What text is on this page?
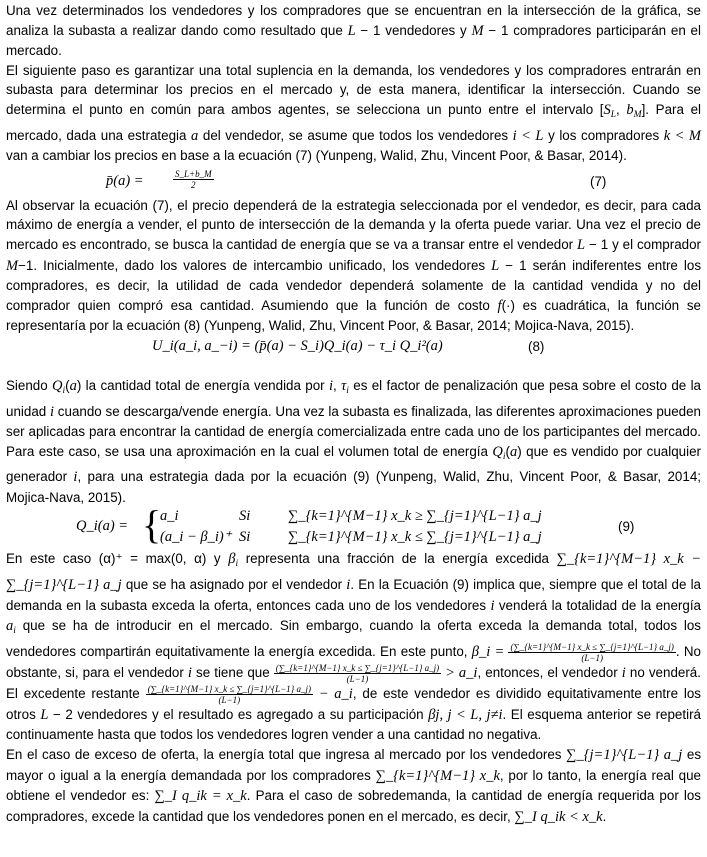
Una vez determinados los vendedores y los compradores que se encuentran en la intersección de la gráfica, se analiza la subasta a realizar dando como resultado que L − 1 vendedores y M − 1 compradores participarán en el mercado.

El siguiente paso es garantizar una total suplencia en la demanda, los vendedores y los compradores entrarán en subasta para determinar los precios en el mercado y, de esta manera, identificar la intersección. Cuando se determina el punto en común para ambos agentes, se selecciona un punto entre el intervalo [$S_L$, $b_M$]. Para el mercado, dada una estrategia a del vendedor, se asume que todos los vendedores i < L y los compradores k < M van a cambiar los precios en base a la ecuación (7) (Yunpeng, Walid, Zhu, Vincent Poor, & Basar, 2014).

p̄(a) =	$\frac{S\_L+b\_M}{2}$	(7)

Al observar la ecuación (7), el precio dependerá de la estrategia seleccionada por el vendedor, es decir, para cada máximo de energía a vender, el punto de intersección de la demanda y la oferta puede variar. Una vez el precio de mercado es encontrado, se busca la cantidad de energía que se va a transar entre el vendedor L − 1 y el comprador M−1. Inicialmente, dado los valores de intercambio unificado, los vendedores L − 1 serán indiferentes entre los compradores, es decir, la utilidad de cada vendedor dependerá solamente de la cantidad vendida y no del comprador quien compró esa cantidad. Asumiendo que la función de costo f(·) es cuadrática, la función se representaría por la ecuación (8) (Yunpeng, Walid, Zhu, Vincent Poor, & Basar, 2014; Mojica-Nava, 2015).

U_i(a_i, a_−i) = (p̄(a) − S_i)Q_i(a) − τ_i Q_i²(a)	(8)

Siendo $Q_i(a)$ la cantidad total de energía vendida por i, $\tau_i$ es el factor de penalización que pesa sobre el costo de la unidad i cuando se descarga/vende energía. Una vez la subasta es finalizada, las diferentes aproximaciones pueden ser aplicadas para encontrar la cantidad de energía comercializada entre cada uno de los participantes del mercado. Para este caso, se usa una aproximación en la cual el volumen total de energía $Q_i(a)$ que es vendido por cualquier generador i, para una estrategia dada por la ecuación (9) (Yunpeng, Walid, Zhu, Vincent Poor, & Basar, 2014; Mojica-Nava, 2015).

Q_i(a) = {
a_i	Si	∑_{k=1}^{M−1} x_k ≥ ∑_{j=1}^{L−1} a_j
(a_i − β_i)⁺ Si	∑_{k=1}^{M−1} x_k ≤ ∑_{j=1}^{L−1} a_j
(9)

En este caso (α)⁺ = max(0, α) y $\beta_i$ representa una fracción de la energía excedida ∑_{k=1}^{M−1} x_k − ∑_{j=1}^{L−1} a_j que se ha asignado por el vendedor i. En la Ecuación (9) implica que, siempre que el total de la demanda en la subasta exceda la oferta, entonces cada uno de los vendedores i venderá la totalidad de la energía $a_i$ que se ha de introducir en el mercado. Sin embargo, cuando la oferta exceda la demanda total, todos los vendedores compartirán equitativamente la energía excedida. En este punto, β_i = $\frac{(\sum\_\{k=1\}\^{}\{M-1\} x\_k \le \sum\_\{j=1\}\^{}\{L-1\} a\_j)}{(L-1)}$ . No obstante, si, para el vendedor i se tiene que $\frac{(\sum\_\{k=1\}\^{}\{M-1\} x\_k \le \sum\_\{j=1\}\^{}\{L-1\} a\_j)}{(L-1)}$ > a_i, entonces, el vendedor i no venderá. El excedente restante $\frac{(\sum\_\{k=1\}\^{}\{M-1\} x\_k \le \sum\_\{j=1\}\^{}\{L-1\} a\_j)}{(L-1)}$ − a_i, de este vendedor es dividido equitativamente entre los otros L − 2 vendedores y el resultado es agregado a su participación βj, j < L, j≠i. El esquema anterior se repetirá continuamente hasta que todos los vendedores logren vender a una cantidad no negativa.

En el caso de exceso de oferta, la energía total que ingresa al mercado por los vendedores ∑_{j=1}^{L−1} a_j es mayor o igual a la energía demandada por los compradores ∑_{k=1}^{M−1} x_k, por lo tanto, la energía real que obtiene el vendedor es: ∑_I q_ik = x_k. Para el caso de sobredemanda, la cantidad de energía requerida por los compradores, excede la cantidad que los vendedores ponen en el mercado, es decir, ∑_I q_ik < x_k.
